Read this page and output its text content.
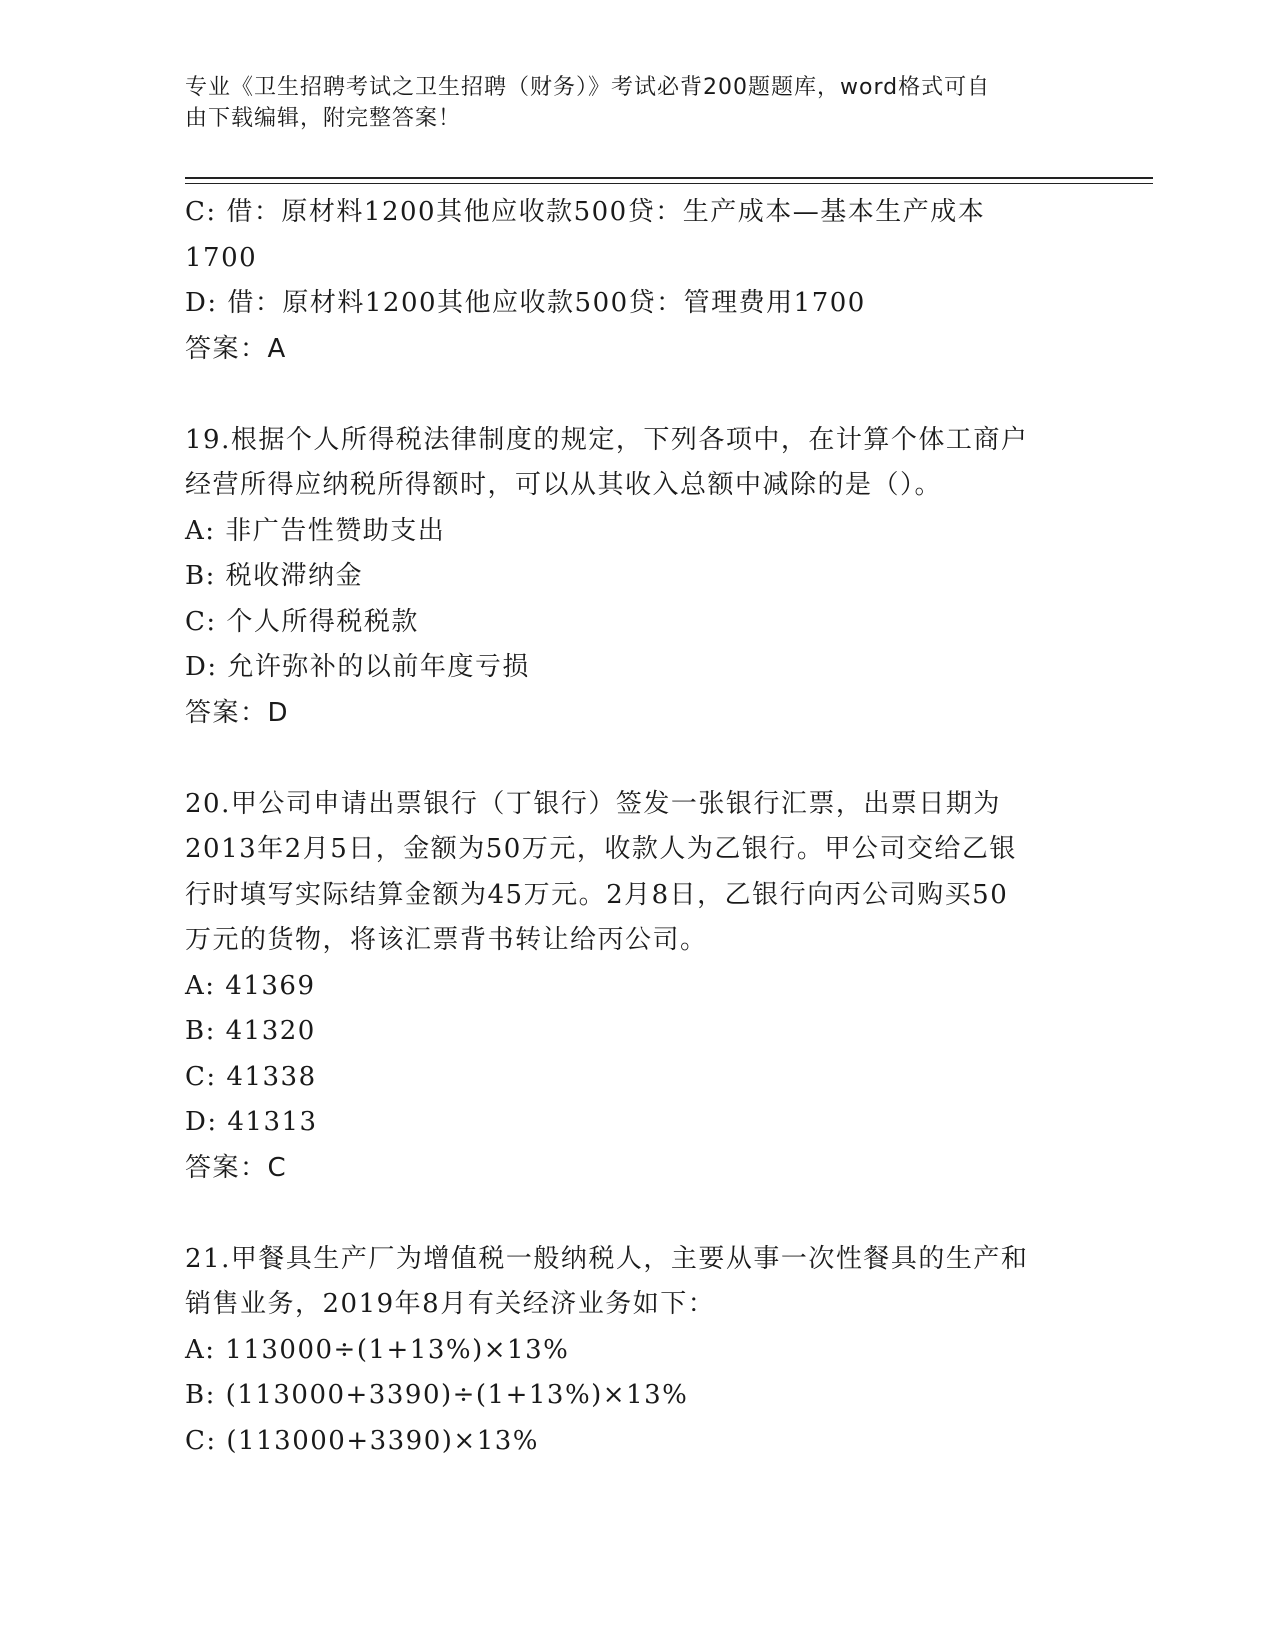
专业《卫生招聘考试之卫生招聘（财务）》考试必背200题题库，word格式可自
由下载编辑，附完整答案！
C: 借：原材料1200其他应收款500贷：生产成本—基本生产成本
1700
D: 借：原材料1200其他应收款500贷：管理费用1700
答案：A
19.根据个人所得税法律制度的规定，下列各项中，在计算个体工商户
经营所得应纳税所得额时，可以从其收入总额中减除的是（）。
A: 非广告性赞助支出
B: 税收滞纳金
C: 个人所得税税款
D: 允许弥补的以前年度亏损
答案：D
20.甲公司申请出票银行（丁银行）签发一张银行汇票，出票日期为
2013年2月5日，金额为50万元，收款人为乙银行。甲公司交给乙银
行时填写实际结算金额为45万元。2月8日，乙银行向丙公司购买50
万元的货物，将该汇票背书转让给丙公司。
A: 41369
B: 41320
C: 41338
D: 41313
答案：C
21.甲餐具生产厂为增值税一般纳税人，主要从事一次性餐具的生产和
销售业务，2019年8月有关经济业务如下：
A: 113000÷(1+13%)×13%
B: (113000+3390)÷(1+13%)×13%
C: (113000+3390)×13%
